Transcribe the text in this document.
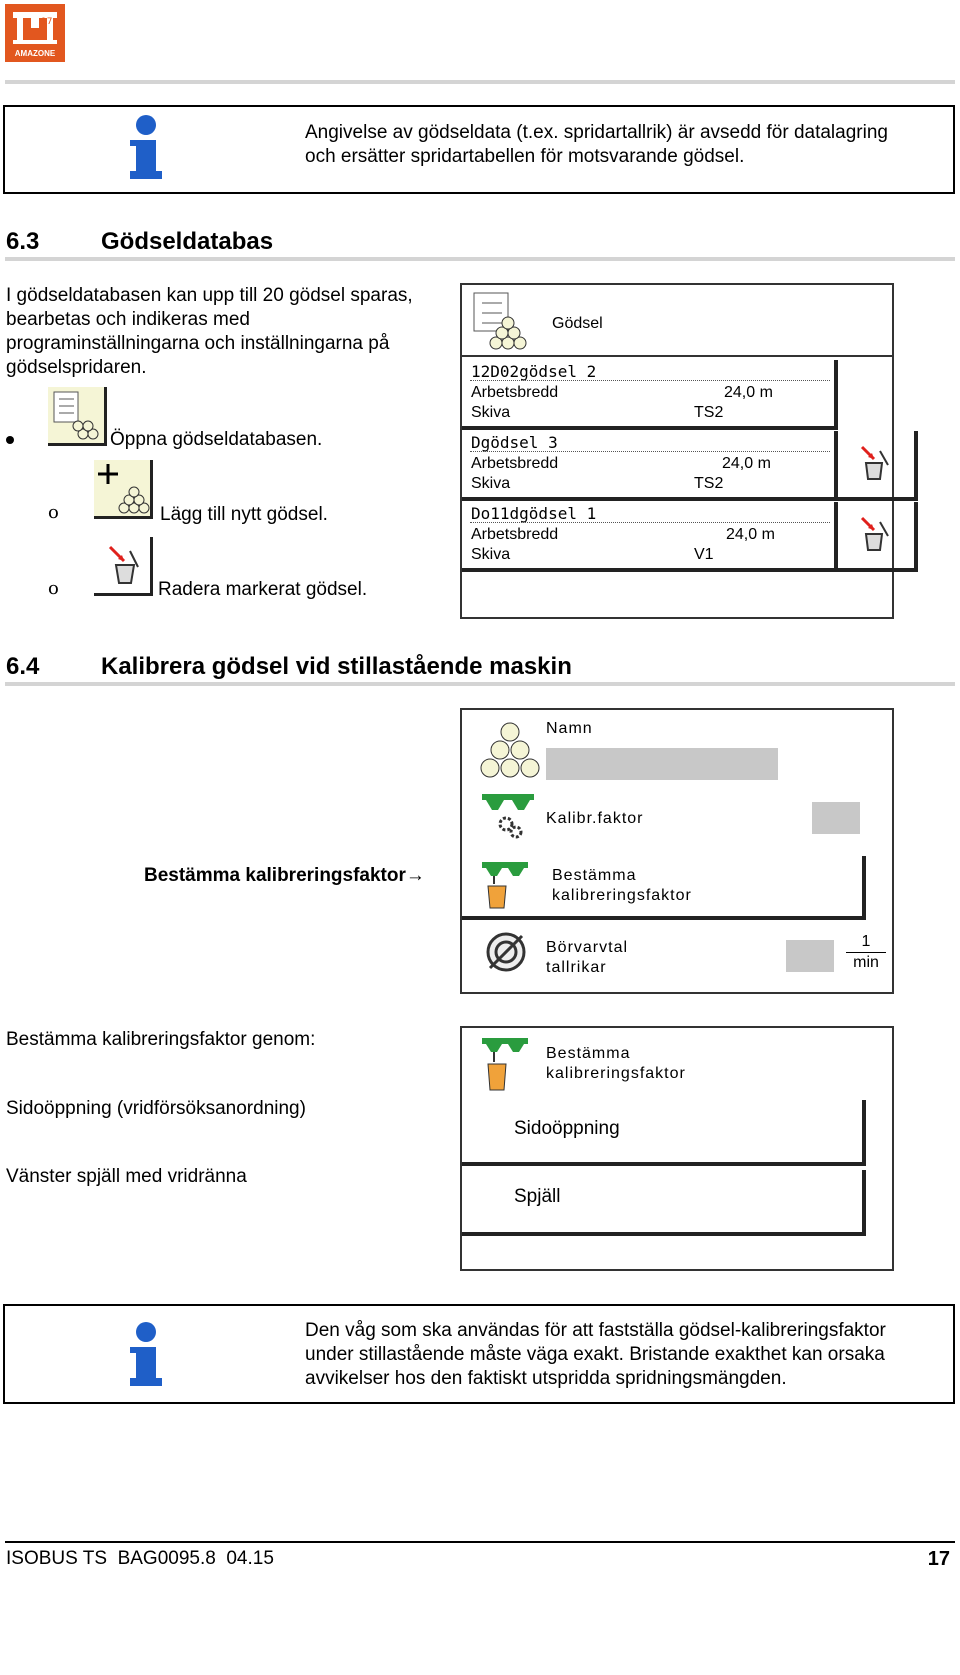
17
AMAZONE
Angivelse av gödseldata (t.ex. spridartallrik) är avsedd för datalagring
och ersätter spridartabellen för motsvarande gödsel.
6.3	Gödseldatabas
I gödseldatabasen kan upp till 20 gödsel sparas,
bearbetas och indikeras med
programinställningarna och inställningarna på
gödselspridaren.
Öppna gödseldatabasen.
o	Lägg till nytt gödsel.
o	Radera markerat gödsel.
Gödsel
12D02gödsel 2
Arbetsbredd	24,0 m
Skiva	TS2
Dgödsel 3
Arbetsbredd	24,0 m
Skiva	TS2
Do11dgödsel 1
Arbetsbredd	24,0 m
Skiva	V1
6.4	Kalibrera gödsel vid stillastående maskin
Namn
Kalibr.faktor
Bestämma
kalibreringsfaktor
Börvarvtal
tallrikar
1
min
Bestämma kalibreringsfaktor→
Bestämma kalibreringsfaktor genom:
Sidoöppning (vridförsöksanordning)
Vänster spjäll med vridränna
Bestämma
kalibreringsfaktor
Sidoöppning
Spjäll
Den våg som ska användas för att fastställa gödsel-kalibreringsfaktor
under stillastående måste väga exakt. Bristande exakthet kan orsaka
avvikelser hos den faktiskt utspridda spridningsmängden.
ISOBUS TS  BAG0095.8  04.15	17
